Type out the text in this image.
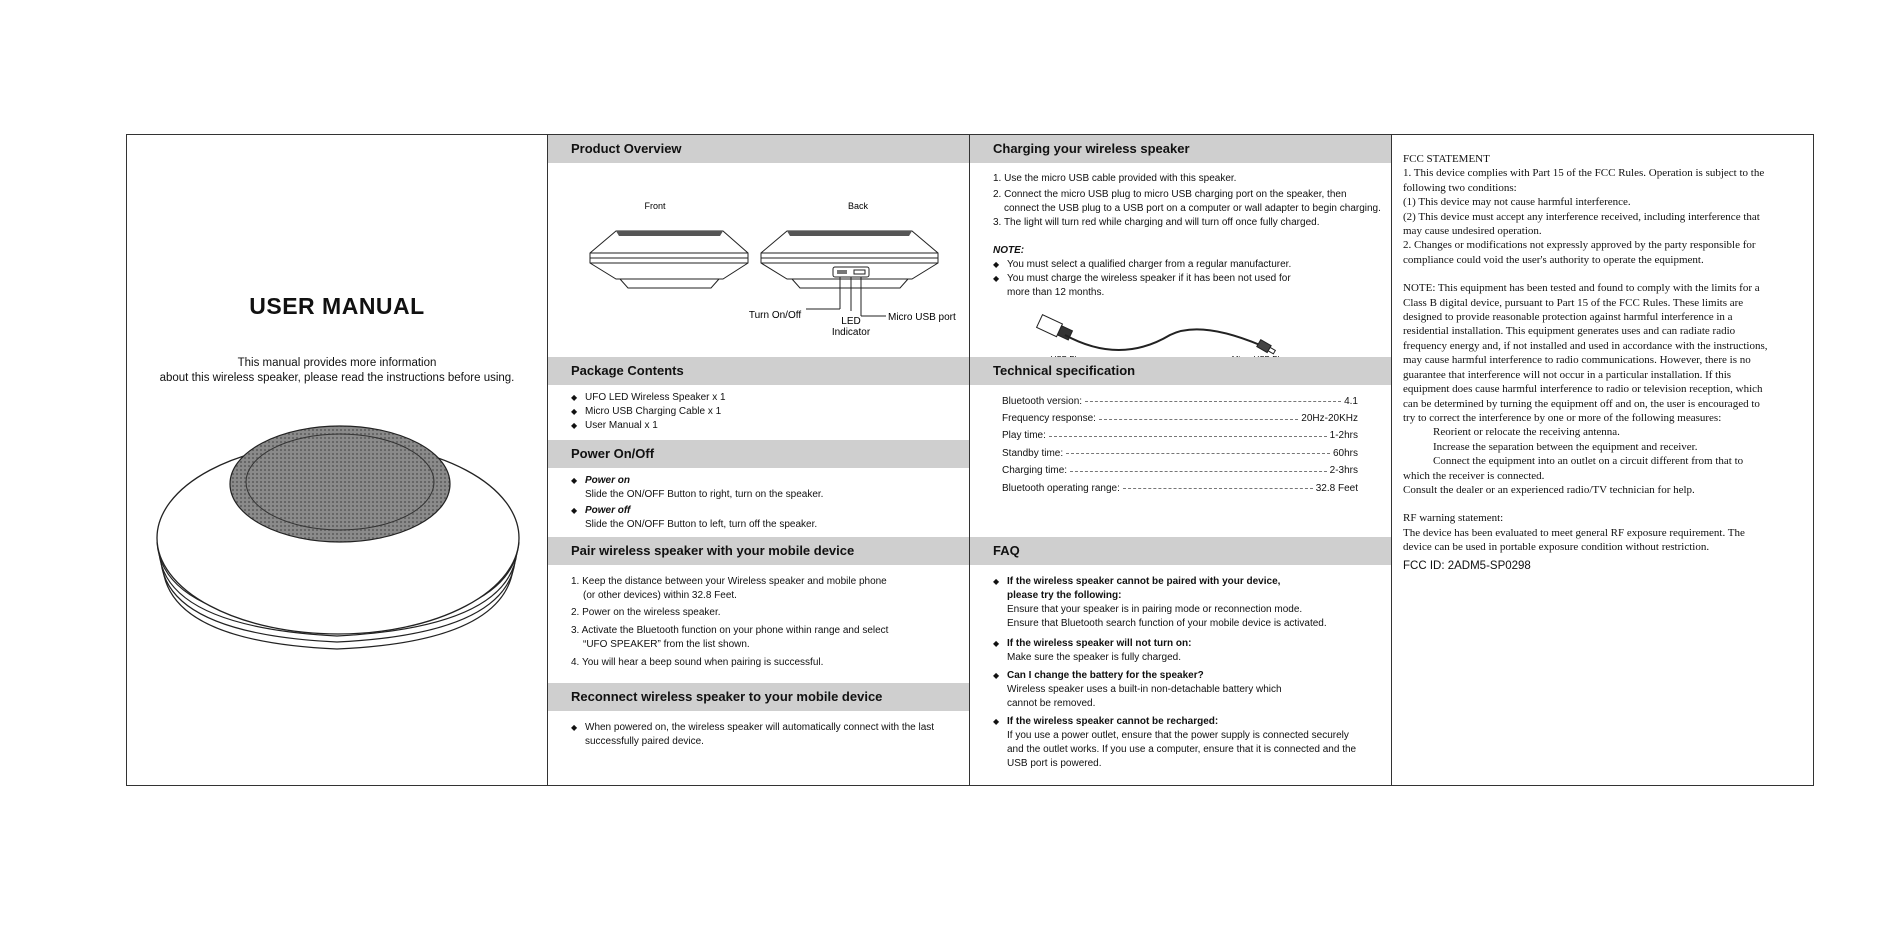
USER MANUAL
This manual provides more information
about this wireless speaker, please read the instructions before using.
Product Overview
Front	Back
Turn On/Off
LED
Indicator
Micro USB port
Package Contents
◆ UFO LED Wireless Speaker x 1
◆ Micro USB Charging Cable x 1
◆ User Manual x 1
Power On/Off
◆ Power on
Slide the ON/OFF Button to right, turn on the speaker.
◆ Power off
Slide the ON/OFF Button to left, turn off the speaker.
Pair wireless speaker with your mobile device
1. Keep the distance between your Wireless speaker and mobile phone
(or other devices) within 32.8 Feet.
2. Power on the wireless speaker.
3. Activate the Bluetooth function on your phone within range and select
“UFO SPEAKER” from the list shown.
4. You will hear a beep sound when pairing is successful.
Reconnect wireless speaker to your mobile device
◆ When powered on, the wireless speaker will automatically connect with the last
successfully paired device.
Charging your wireless speaker
1. Use the micro USB cable provided with this speaker.
2. Connect the micro USB plug to micro USB charging port on the speaker, then
connect the USB plug to a USB port on a computer or wall adapter to begin charging.
3. The light will turn red while charging and will turn off once fully charged.
NOTE:
◆ You must select a qualified charger from a regular manufacturer.
◆ You must charge the wireless speaker if it has been not used for
more than 12 months.
Technical specification
Bluetooth version:	4.1
Frequency response:	20Hz-20KHz
Play time:	1-2hrs
Standby time:	60hrs
Charging time:	2-3hrs
Bluetooth operating range:	32.8 Feet
FAQ
◆ If the wireless speaker cannot be paired with your device,
please try the following:
Ensure that your speaker is in pairing mode or reconnection mode.
Ensure that Bluetooth search function of your mobile device is activated.
◆ If the wireless speaker will not turn on:
Make sure the speaker is fully charged.
◆ Can I change the battery for the speaker?
Wireless speaker uses a built-in non-detachable battery which
cannot be removed.
◆ If the wireless speaker cannot be recharged:
If you use a power outlet, ensure that the power supply is connected securely
and the outlet works. If you use a computer, ensure that it is connected and the
USB port is powered.
FCC STATEMENT
1. This device complies with Part 15 of the FCC Rules. Operation is subject to the
following two conditions:
(1) This device may not cause harmful interference.
(2) This device must accept any interference received, including interference that
may cause undesired operation.
2. Changes or modifications not expressly approved by the party responsible for
compliance could void the user's authority to operate the equipment.
NOTE: This equipment has been tested and found to comply with the limits for a
Class B digital device, pursuant to Part 15 of the FCC Rules. These limits are
designed to provide reasonable protection against harmful interference in a
residential installation. This equipment generates uses and can radiate radio
frequency energy and, if not installed and used in accordance with the instructions,
may cause harmful interference to radio communications. However, there is no
guarantee that interference will not occur in a particular installation. If this
equipment does cause harmful interference to radio or television reception, which
can be determined by turning the equipment off and on, the user is encouraged to
try to correct the interference by one or more of the following measures:
Reorient or relocate the receiving antenna.
Increase the separation between the equipment and receiver.
Connect the equipment into an outlet on a circuit different from that to
which the receiver is connected.
Consult the dealer or an experienced radio/TV technician for help.
RF warning statement:
The device has been evaluated to meet general RF exposure requirement. The
device can be used in portable exposure condition without restriction.
FCC ID: 2ADM5-SP0298
